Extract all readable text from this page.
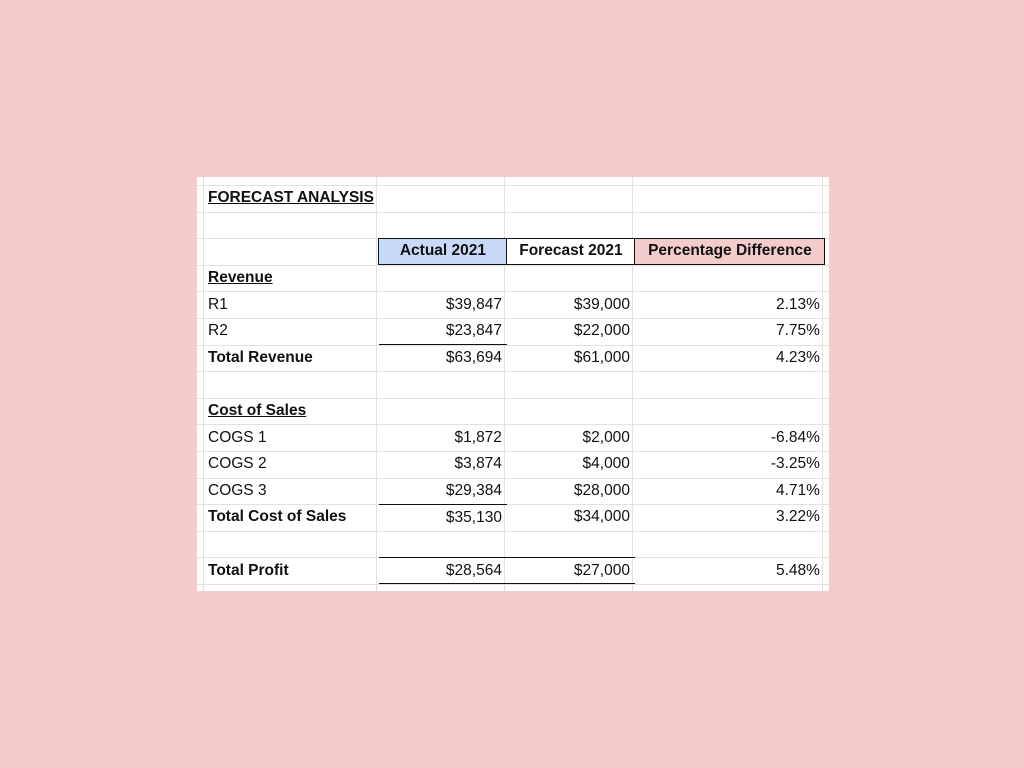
FORECAST ANALYSIS			

	Actual 2021	Forecast 2021	Percentage Difference
Revenue			
R1	$39,847	$39,000	2.13%
R2	$23,847	$22,000	7.75%
Total Revenue	$63,694	$61,000	4.23%

Cost of Sales			
COGS 1	$1,872	$2,000	-6.84%
COGS 2	$3,874	$4,000	-3.25%
COGS 3	$29,384	$28,000	4.71%
Total Cost of Sales	$35,130	$34,000	3.22%

Total Profit	$28,564	$27,000	5.48%
